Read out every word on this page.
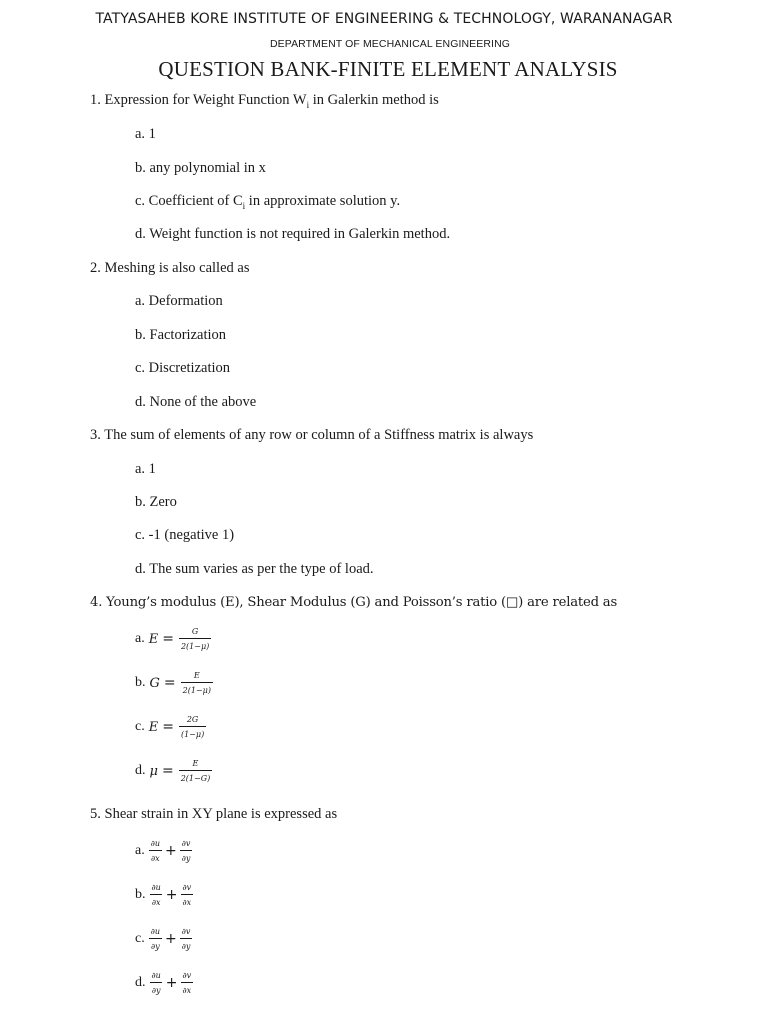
TATYASAHEB KORE INSTITUTE OF ENGINEERING & TECHNOLOGY, WARANANAGAR
DEPARTMENT OF MECHANICAL ENGINEERING
QUESTION BANK-FINITE ELEMENT ANALYSIS
1. Expression for Weight Function $W_i$ in Galerkin method is
a. 1
b. any polynomial in x
c. Coefficient of $C_i$ in approximate solution y.
d. Weight function is not required in Galerkin method.
2. Meshing is also called as
a. Deformation
b. Factorization
c. Discretization
d. None of the above
3. The sum of elements of any row or column of a Stiffness matrix is always
a. 1
b. Zero
c. -1 (negative 1)
d. The sum varies as per the type of load.
4. Young’s modulus (E), Shear Modulus (G) and Poisson’s ratio (□) are related as
a. $E = \frac{G}{2(1-\mu)}$
b. $G = \frac{E}{2(1-\mu)}$
c. $E = \frac{2G}{(1-\mu)}$
d. $\mu = \frac{E}{2(1-G)}$
5. Shear strain in XY plane is expressed as
a. $\frac{\partial u}{\partial x} + \frac{\partial v}{\partial y}$
b. $\frac{\partial u}{\partial x} + \frac{\partial v}{\partial x}$
c. $\frac{\partial u}{\partial y} + \frac{\partial v}{\partial y}$
d. $\frac{\partial u}{\partial y} + \frac{\partial v}{\partial x}$
